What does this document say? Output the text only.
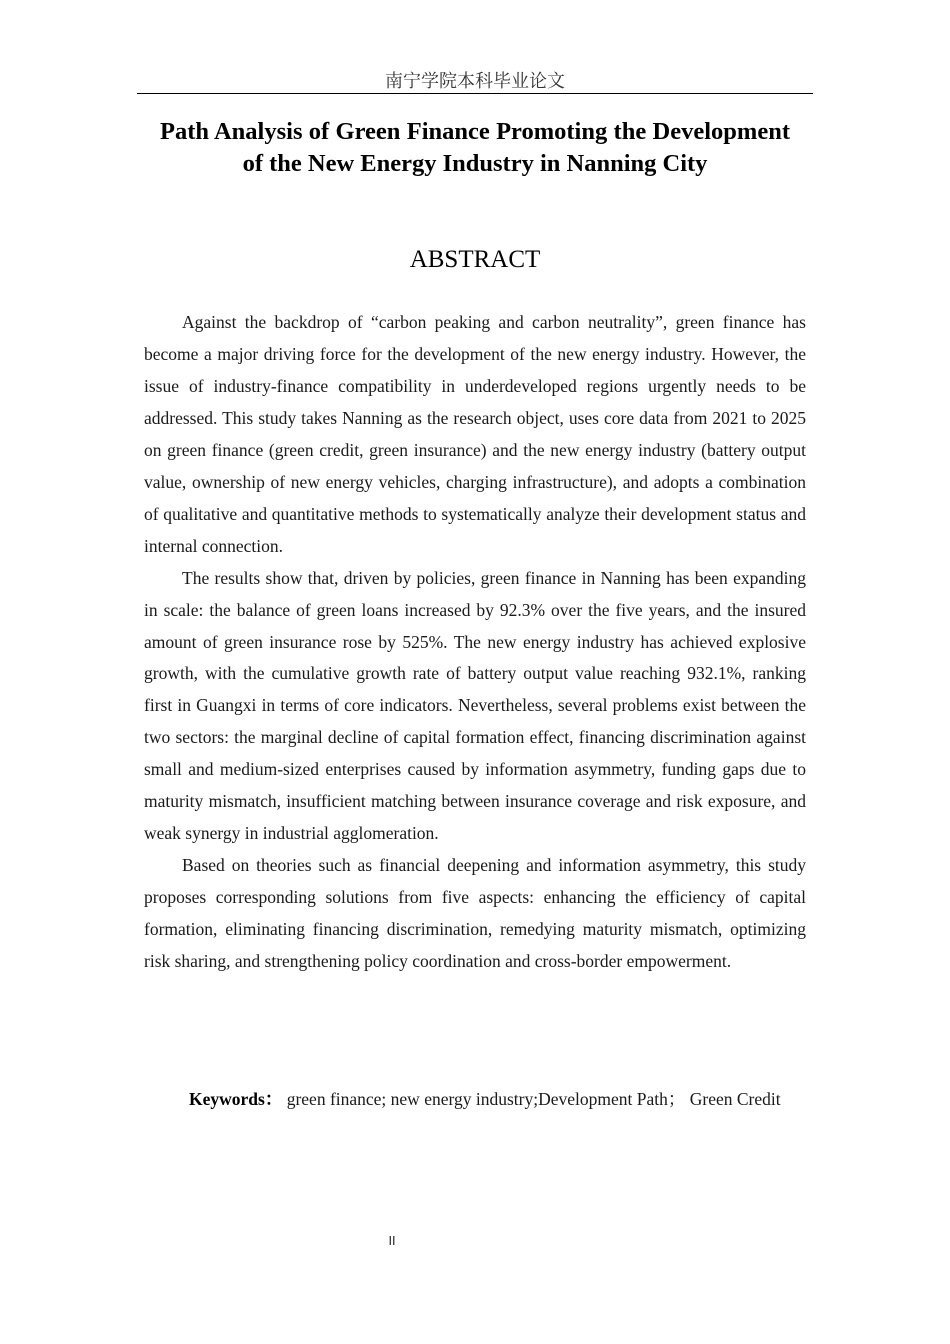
南宁学院本科毕业论文
Path Analysis of Green Finance Promoting the Development of the New Energy Industry in Nanning City
ABSTRACT

Against the backdrop of “carbon peaking and carbon neutrality”, green finance has become a major driving force for the development of the new energy industry. However, the issue of industry-finance compatibility in underdeveloped regions urgently needs to be addressed. This study takes Nanning as the research object, uses core data from 2021 to 2025 on green finance (green credit, green insurance) and the new energy industry (battery output value, ownership of new energy vehicles, charging infrastructure), and adopts a combination of qualitative and quantitative methods to systematically analyze their development status and internal connection.

The results show that, driven by policies, green finance in Nanning has been expanding in scale: the balance of green loans increased by 92.3% over the five years, and the insured amount of green insurance rose by 525%. The new energy industry has achieved explosive growth, with the cumulative growth rate of battery output value reaching 932.1%, ranking first in Guangxi in terms of core indicators. Nevertheless, several problems exist between the two sectors: the marginal decline of capital formation effect, financing discrimination against small and medium-sized enterprises caused by information asymmetry, funding gaps due to maturity mismatch, insufficient matching between insurance coverage and risk exposure, and weak synergy in industrial agglomeration.

Based on theories such as financial deepening and information asymmetry, this study proposes corresponding solutions from five aspects: enhancing the efficiency of capital formation, eliminating financing discrimination, remedying maturity mismatch, optimizing risk sharing, and strengthening policy coordination and cross-border empowerment.

Keywords： green finance; new energy industry;Development Path； Green Credit

II
